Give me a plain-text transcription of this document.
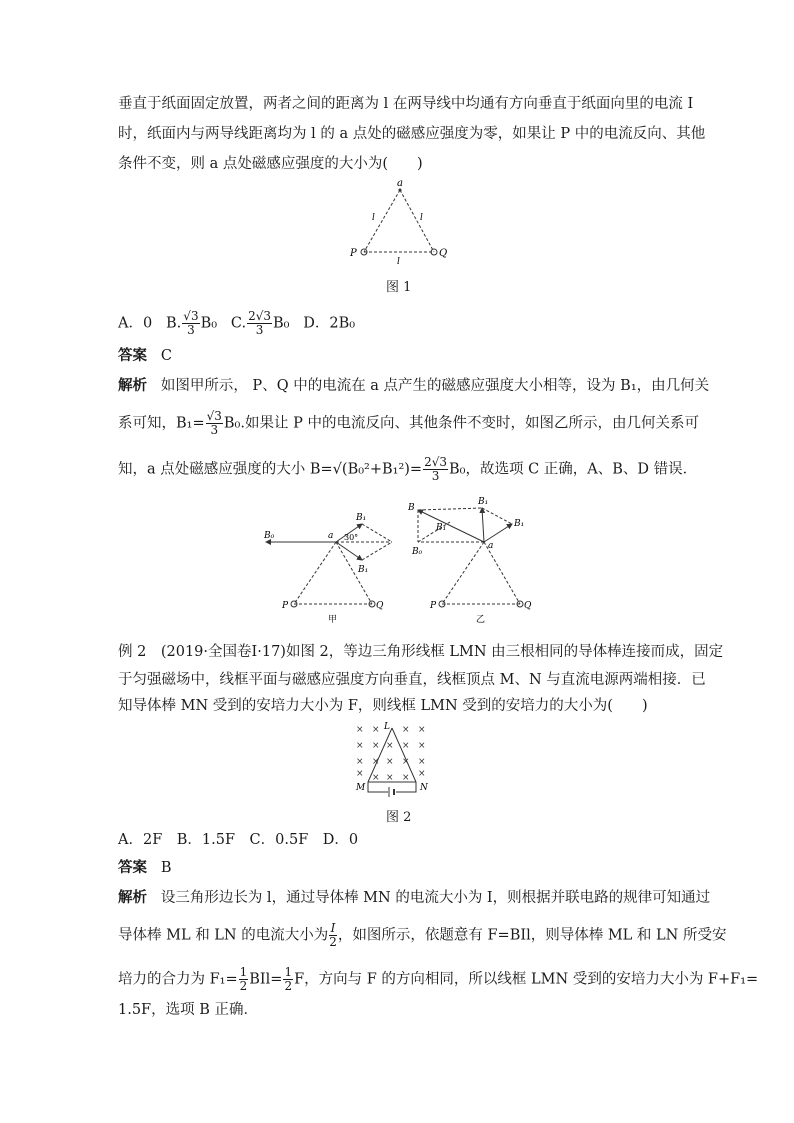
垂直于纸面固定放置，两者之间的距离为 l 在两导线中均通有方向垂直于纸面向里的电流 I
时，纸面内与两导线距离均为 l 的 a 点处的磁感应强度为零，如果让 P 中的电流反向、其他
条件不变，则 a 点处磁感应强度的大小为(　　)
a
P	Q
l	l
l
图 1
A．0 B. $\frac{√3}{3} B_0$ C. $\frac{2√3}{3} B_0$ D．2B₀
答案 C
解析 如图甲所示， P、Q 中的电流在 a 点产生的磁感应强度大小相等，设为 B₁，由几何关
系可知，$B_1= \frac{√3}{3} B_0$.如果让 P 中的电流反向、其他条件不变时，如图乙所示，由几何关系可
知，a 点处磁感应强度的大小 $B=√(B_0^2+B_1^2)= \frac{2√3}{3} B_0$，故选项 C 正确，A、B、D 错误．
B₀
B₁
B₁
a 30°
P	Q
甲
B
B₁
B₁	B₁
B₀
a
P	Q
乙
例 2　(2019·全国卷Ⅰ·17)如图 2，等边三角形线框 LMN 由三根相同的导体棒连接而成，固定
于匀强磁场中，线框平面与磁感应强度方向垂直，线框顶点 M、N 与直流电源两端相接．已
知导体棒 MN 受到的安培力大小为 F，则线框 LMN 受到的安培力的大小为(　　)
× × × ×
× × × × ×
× × × × ×
× × ×
×	×
L
M	N
图 2
A．2F　B．1.5F　C．0.5F　D．0
答案 B
解析 设三角形边长为 l，通过导体棒 MN 的电流大小为 I，则根据并联电路的规律可知通过
导体棒 ML 和 LN 的电流大小为 $\frac{I}{2}$ ，如图所示，依题意有 F=BIl，则导体棒 ML 和 LN 所受安
培力的合力为 $F_1= \frac{1}{2} BIl= \frac{1}{2}$ F，方向与 F 的方向相同，所以线框 LMN 受到的安培力大小为 F+F₁=
1.5F，选项 B 正确．
